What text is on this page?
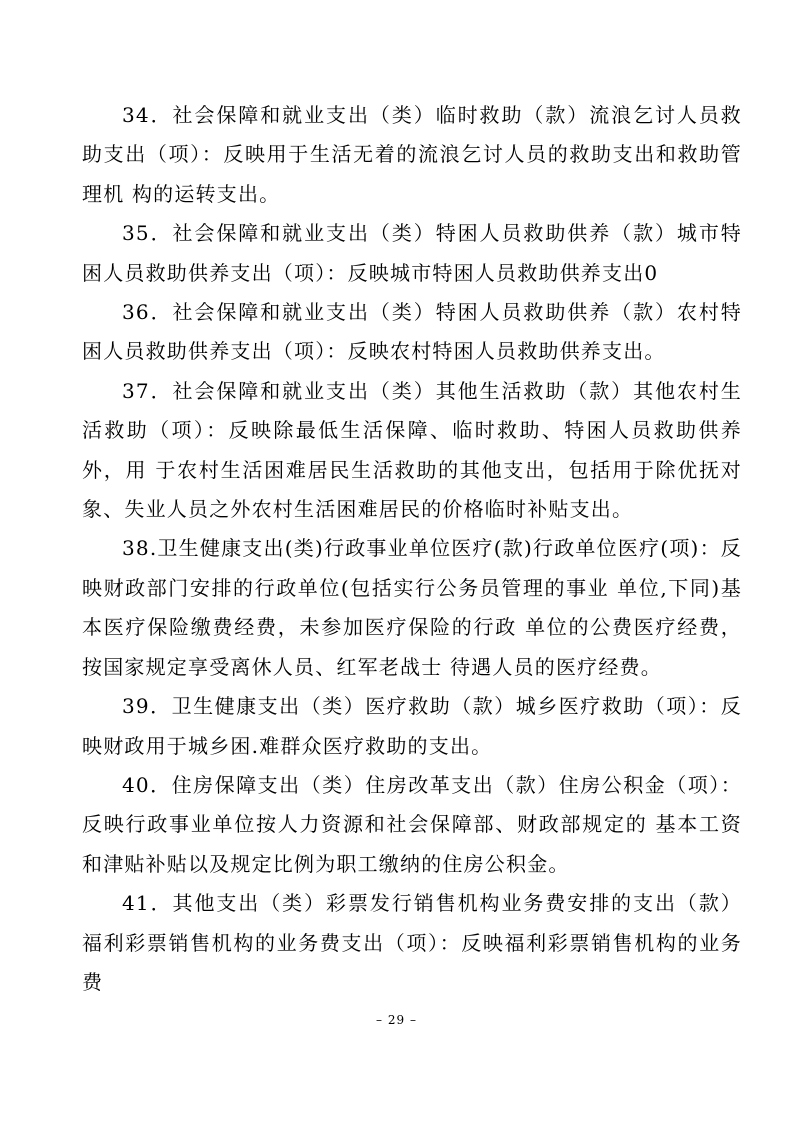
34．社会保障和就业支出（类）临时救助（款）流浪乞讨人员救助支出（项）：反映用于生活无着的流浪乞讨人员的救助支出和救助管理机 构的运转支出。

35．社会保障和就业支出（类）特困人员救助供养（款）城市特困人员救助供养支出（项）：反映城市特困人员救助供养支出0

36．社会保障和就业支出（类）特困人员救助供养（款）农村特困人员救助供养支出（项）：反映农村特困人员救助供养支出。

37．社会保障和就业支出（类）其他生活救助（款）其他农村生活救助（项）：反映除最低生活保障、临时救助、特困人员救助供养外，用 于农村生活困难居民生活救助的其他支出，包括用于除优抚对 象、失业人员之外农村生活困难居民的价格临时补贴支出。

38.卫生健康支出(类)行政事业单位医疗(款)行政单位医疗(项)：反映财政部门安排的行政单位(包括实行公务员管理的事业 单位,下同)基本医疗保险缴费经费，未参加医疗保险的行政 单位的公费医疗经费，按国家规定享受离休人员、红军老战士 待遇人员的医疗经费。

39．卫生健康支出（类）医疗救助（款）城乡医疗救助（项）：反映财政用于城乡困.难群众医疗救助的支出。

40．住房保障支出（类）住房改革支出（款）住房公积金（项）：反映行政事业单位按人力资源和社会保障部、财政部规定的 基本工资和津贴补贴以及规定比例为职工缴纳的住房公积金。

41．其他支出（类）彩票发行销售机构业务费安排的支出（款）福利彩票销售机构的业务费支出（项）：反映福利彩票销售机构的业务费

– 29 –
